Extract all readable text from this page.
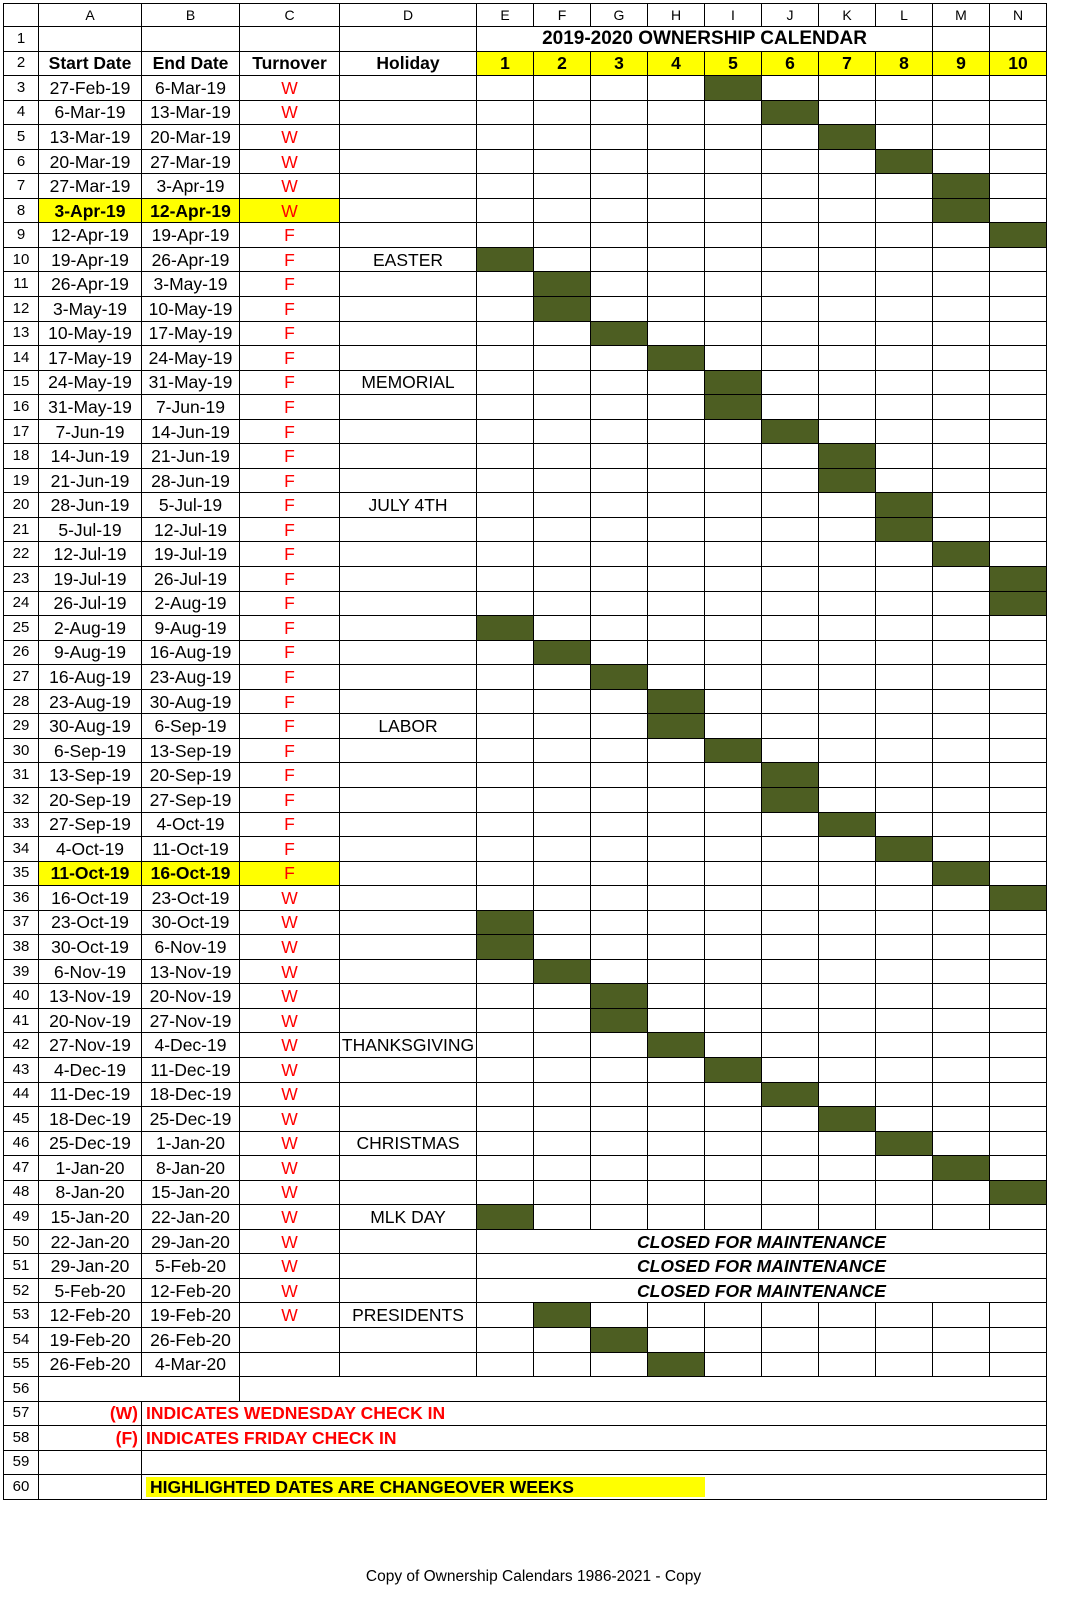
	A	B	C	D	E	F	G	H	I	J	K	L	M	N
1					2019-2020 OWNERSHIP CALENDAR									
2	Start Date	End Date	Turnover	Holiday	1	2	3	4	5	6	7	8	9	10
3	27-Feb-19	6-Mar-19	W											
4	6-Mar-19	13-Mar-19	W											
5	13-Mar-19	20-Mar-19	W											
6	20-Mar-19	27-Mar-19	W											
7	27-Mar-19	3-Apr-19	W											
8	3-Apr-19	12-Apr-19	W											
9	12-Apr-19	19-Apr-19	F											
10	19-Apr-19	26-Apr-19	F	EASTER										
11	26-Apr-19	3-May-19	F											
12	3-May-19	10-May-19	F											
13	10-May-19	17-May-19	F											
14	17-May-19	24-May-19	F											
15	24-May-19	31-May-19	F	MEMORIAL										
16	31-May-19	7-Jun-19	F											
17	7-Jun-19	14-Jun-19	F											
18	14-Jun-19	21-Jun-19	F											
19	21-Jun-19	28-Jun-19	F											
20	28-Jun-19	5-Jul-19	F	JULY 4TH										
21	5-Jul-19	12-Jul-19	F											
22	12-Jul-19	19-Jul-19	F											
23	19-Jul-19	26-Jul-19	F											
24	26-Jul-19	2-Aug-19	F											
25	2-Aug-19	9-Aug-19	F											
26	9-Aug-19	16-Aug-19	F											
27	16-Aug-19	23-Aug-19	F											
28	23-Aug-19	30-Aug-19	F											
29	30-Aug-19	6-Sep-19	F	LABOR										
30	6-Sep-19	13-Sep-19	F											
31	13-Sep-19	20-Sep-19	F											
32	20-Sep-19	27-Sep-19	F											
33	27-Sep-19	4-Oct-19	F											
34	4-Oct-19	11-Oct-19	F											
35	11-Oct-19	16-Oct-19	F											
36	16-Oct-19	23-Oct-19	W											
37	23-Oct-19	30-Oct-19	W											
38	30-Oct-19	6-Nov-19	W											
39	6-Nov-19	13-Nov-19	W											
40	13-Nov-19	20-Nov-19	W											
41	20-Nov-19	27-Nov-19	W											
42	27-Nov-19	4-Dec-19	W	THANKSGIVING										
43	4-Dec-19	11-Dec-19	W											
44	11-Dec-19	18-Dec-19	W											
45	18-Dec-19	25-Dec-19	W											
46	25-Dec-19	1-Jan-20	W	CHRISTMAS										
47	1-Jan-20	8-Jan-20	W											
48	8-Jan-20	15-Jan-20	W											
49	15-Jan-20	22-Jan-20	W	MLK DAY										
50	22-Jan-20	29-Jan-20	W		CLOSED FOR MAINTENANCE									
51	29-Jan-20	5-Feb-20	W		CLOSED FOR MAINTENANCE									
52	5-Feb-20	12-Feb-20	W		CLOSED FOR MAINTENANCE									
53	12-Feb-20	19-Feb-20	W	PRESIDENTS										
54	19-Feb-20	26-Feb-20												
55	26-Feb-20	4-Mar-20												
56														
57	(W)	INDICATES WEDNESDAY CHECK IN												
58	(F)	INDICATES FRIDAY CHECK IN												
59														
60		HIGHLIGHTED DATES ARE CHANGEOVER WEEKS												
Copy of Ownership Calendars 1986-2021 - Copy
